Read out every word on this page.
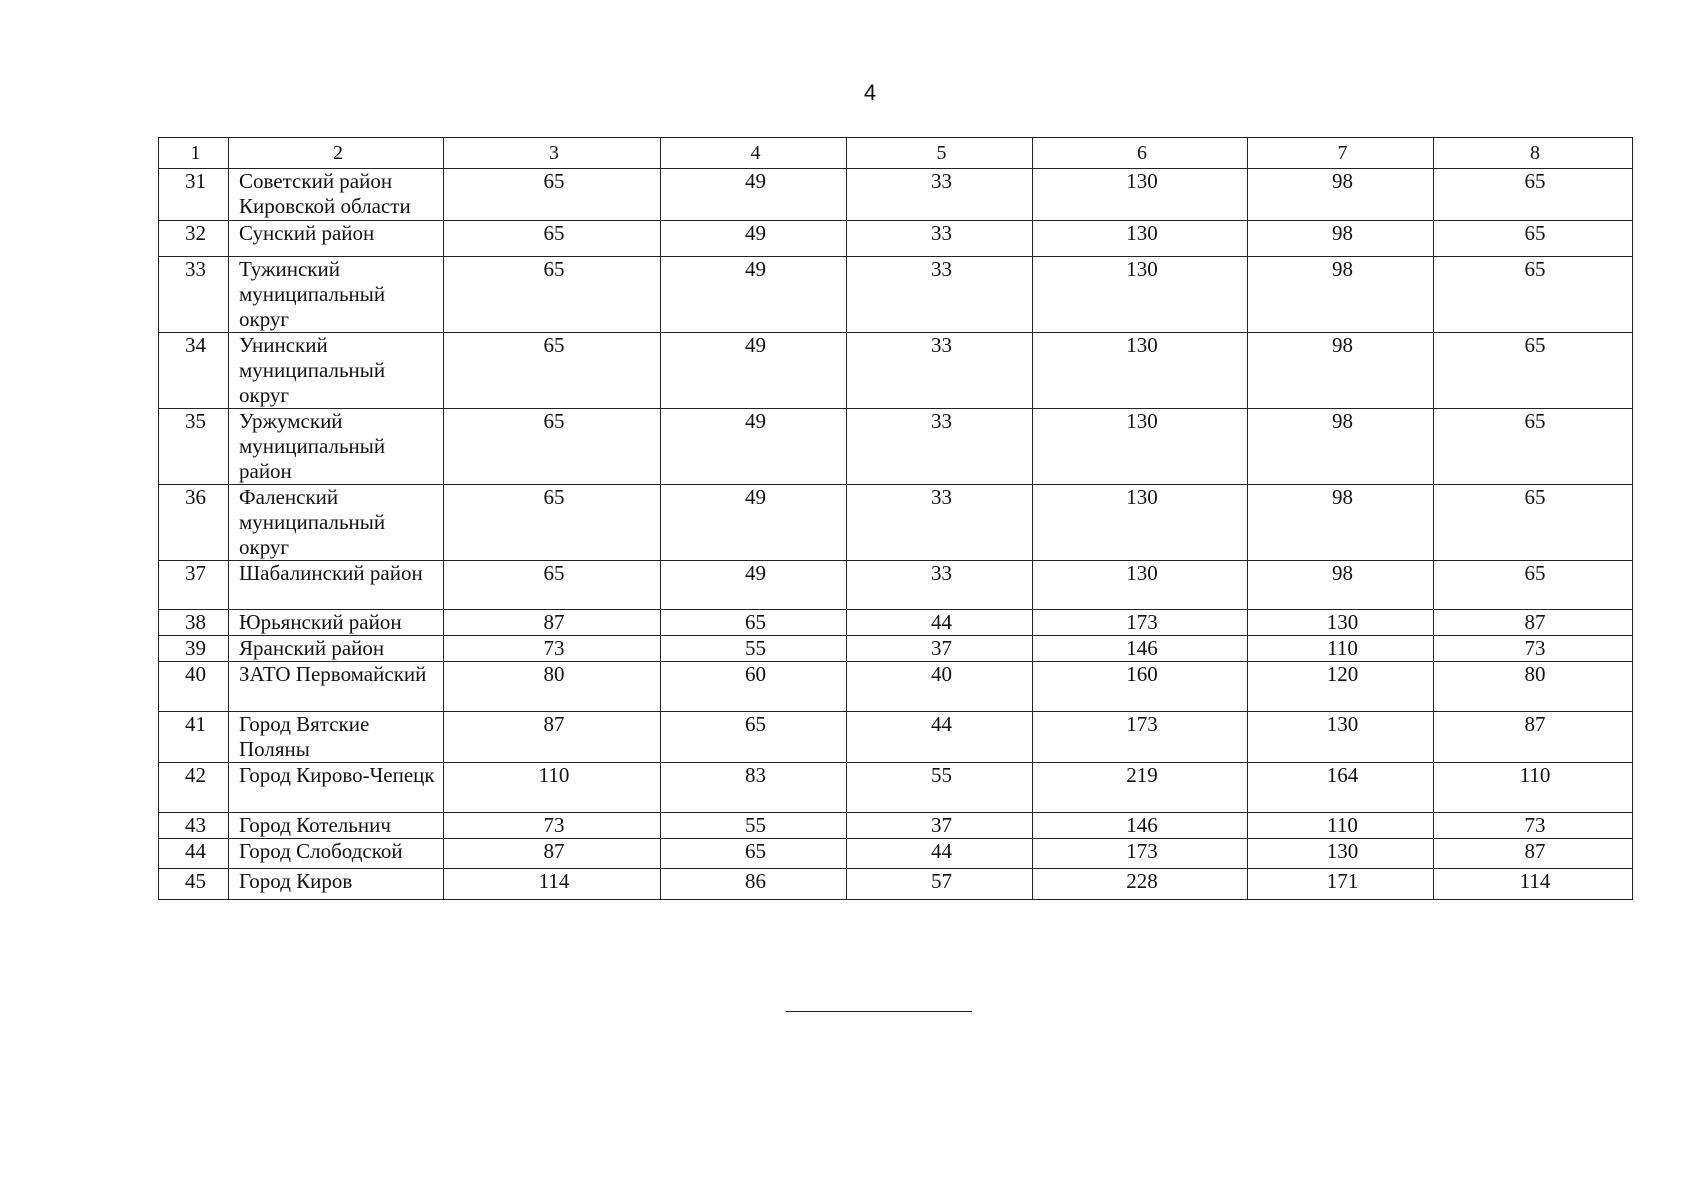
4
1	2	3	4	5	6	7	8
31	Советский район Кировской области	65	49	33	130	98	65
32	Сунский район	65	49	33	130	98	65
33	Тужинский муниципальный округ	65	49	33	130	98	65
34	Унинский муниципальный округ	65	49	33	130	98	65
35	Уржумский муниципальный район	65	49	33	130	98	65
36	Фаленский муниципальный округ	65	49	33	130	98	65
37	Шабалинский район	65	49	33	130	98	65
38	Юрьянский район	87	65	44	173	130	87
39	Яранский район	73	55	37	146	110	73
40	ЗАТО Первомайский	80	60	40	160	120	80
41	Город Вятские Поляны	87	65	44	173	130	87
42	Город Кирово-Чепецк	110	83	55	219	164	110
43	Город Котельнич	73	55	37	146	110	73
44	Город Слободской	87	65	44	173	130	87
45	Город Киров	114	86	57	228	171	114
